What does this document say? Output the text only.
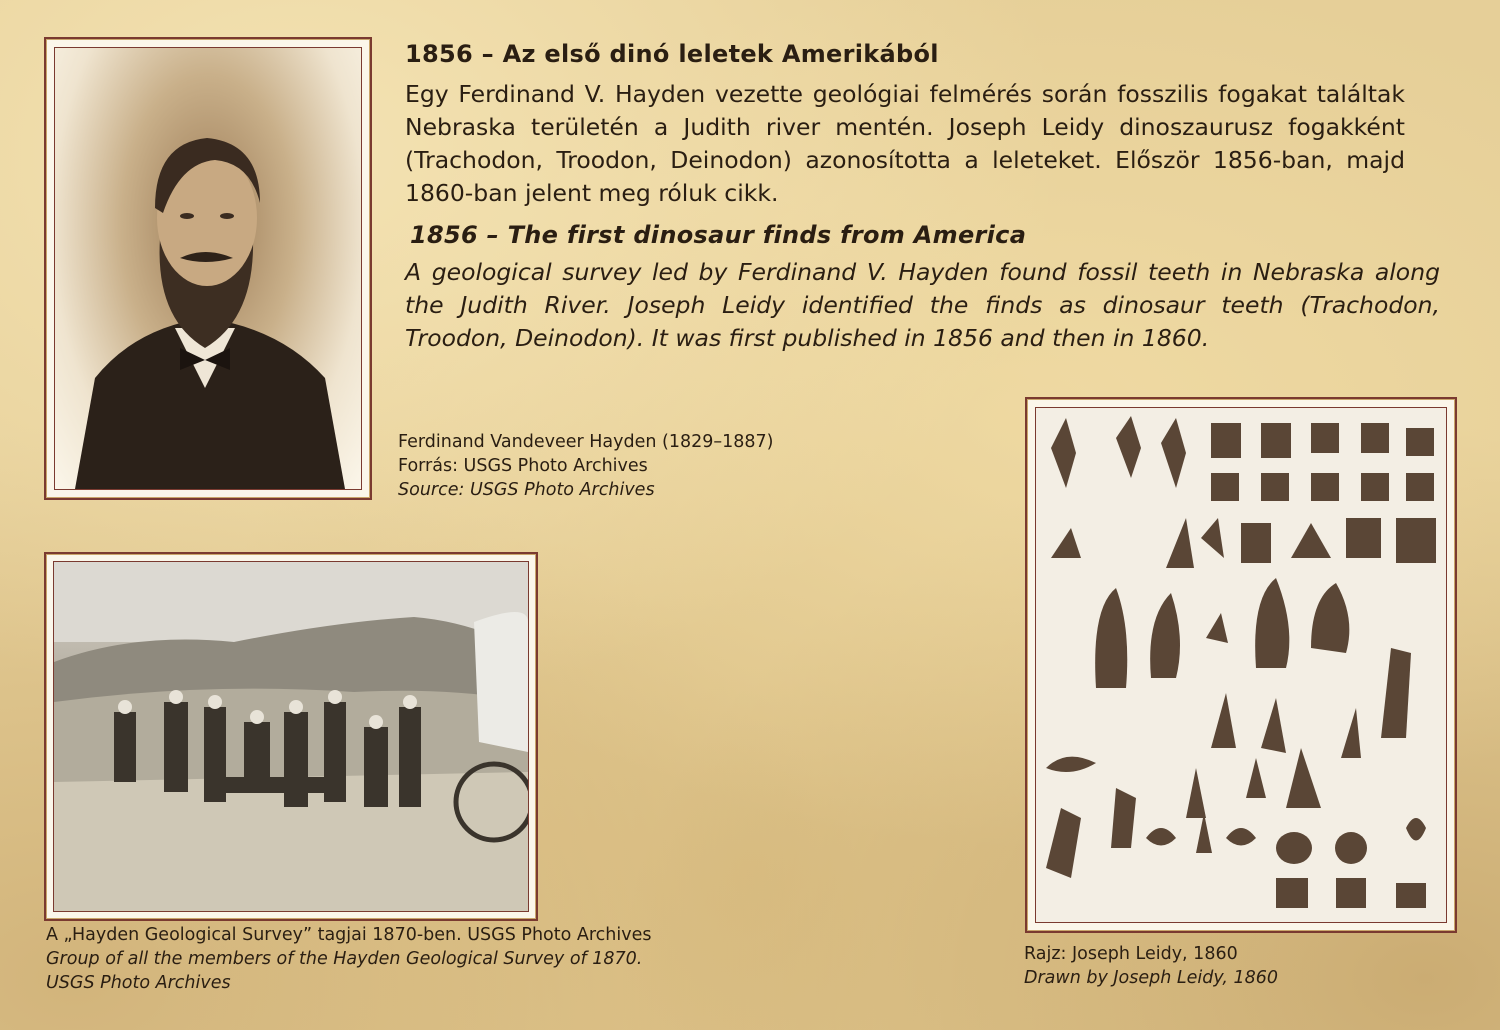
1856 – Az első dinó leletek Amerikából
Egy Ferdinand V. Hayden vezette geológiai felmérés során fosszilis fogakat találtak Nebraska területén a Judith river mentén. Joseph Leidy dinoszaurusz fogakként (Trachodon, Troodon, Deinodon) azonosította a leleteket. Először 1856-ban, majd 1860-ban jelent meg róluk cikk.
1856 – The first dinosaur finds from America
A geological survey led by Ferdinand V. Hayden found fossil teeth in Nebraska along the Judith River. Joseph Leidy identified the finds as dinosaur teeth (Trachodon, Troodon, Deinodon). It was first published in 1856 and then in 1860.
Ferdinand Vandeveer Hayden (1829–1887)
Forrás: USGS Photo Archives
Source: USGS Photo Archives
A „Hayden Geological Survey” tagjai 1870-ben. USGS Photo Archives
Group of all the members of the Hayden Geological Survey of 1870.
USGS Photo Archives
Rajz: Joseph Leidy, 1860
Drawn by Joseph Leidy, 1860
